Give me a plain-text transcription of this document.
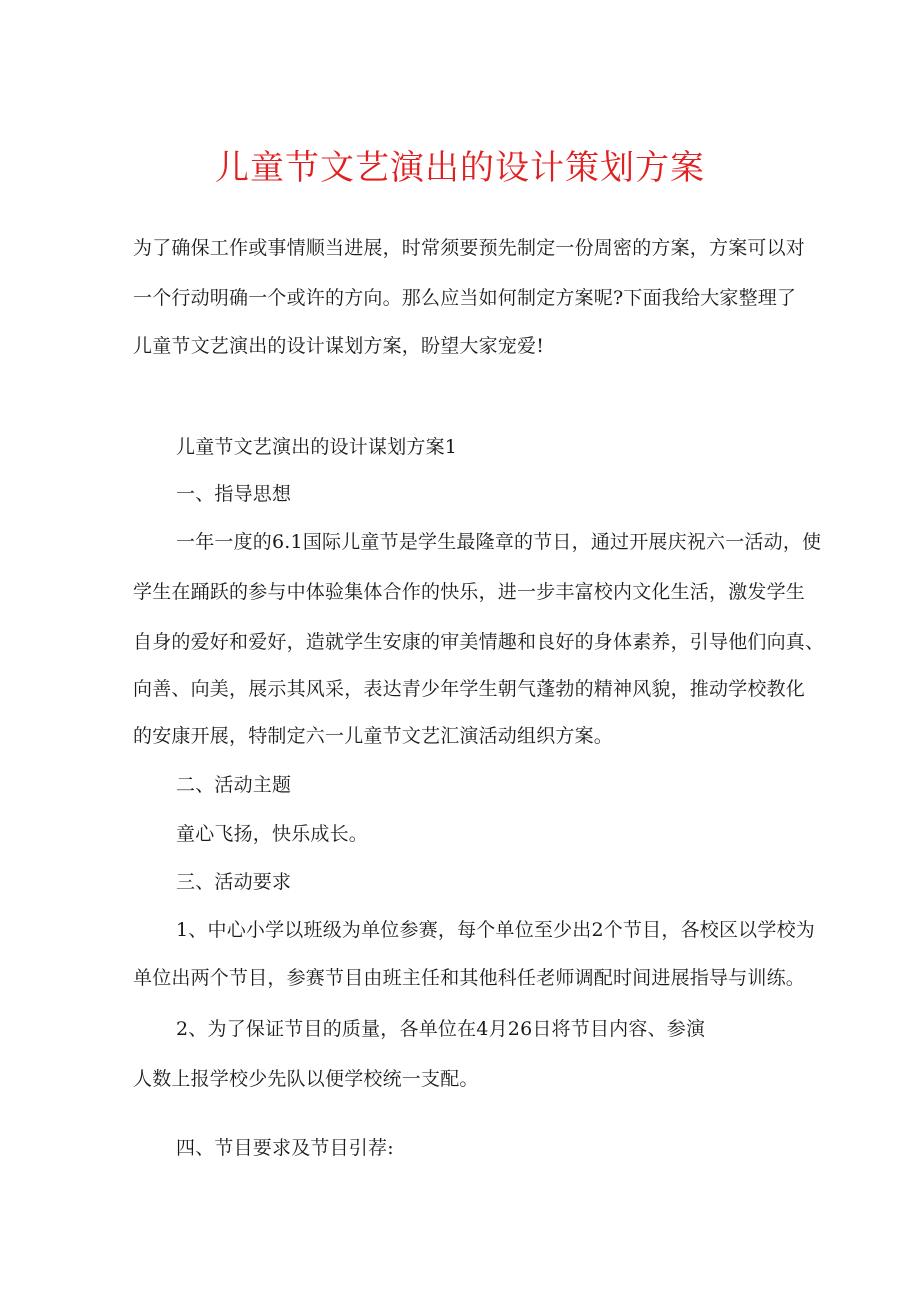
儿童节文艺演出的设计策划方案
为了确保工作或事情顺当进展，时常须要预先制定一份周密的方案，方案可以对
一个行动明确一个或许的方向。那么应当如何制定方案呢?下面我给大家整理了
儿童节文艺演出的设计谋划方案，盼望大家宠爱!
儿童节文艺演出的设计谋划方案1
一、指导思想
一年一度的6.1国际儿童节是学生最隆章的节日，通过开展庆祝六一活动，使
学生在踊跃的参与中体验集体合作的快乐，进一步丰富校内文化生活，激发学生
自身的爱好和爱好，造就学生安康的审美情趣和良好的身体素养，引导他们向真、
向善、向美，展示其风采，表达青少年学生朝气蓬勃的精神风貌，推动学校教化
的安康开展，特制定六一儿童节文艺汇演活动组织方案。
二、活动主题
童心飞扬，快乐成长。
三、活动要求
1、中心小学以班级为单位参赛，每个单位至少出2个节目，各校区以学校为
单位出两个节目，参赛节目由班主任和其他科任老师调配时间进展指导与训练。
2、为了保证节目的质量，各单位在4月26日将节目内容、参演
人数上报学校少先队以便学校统一支配。
四、节目要求及节目引荐:
